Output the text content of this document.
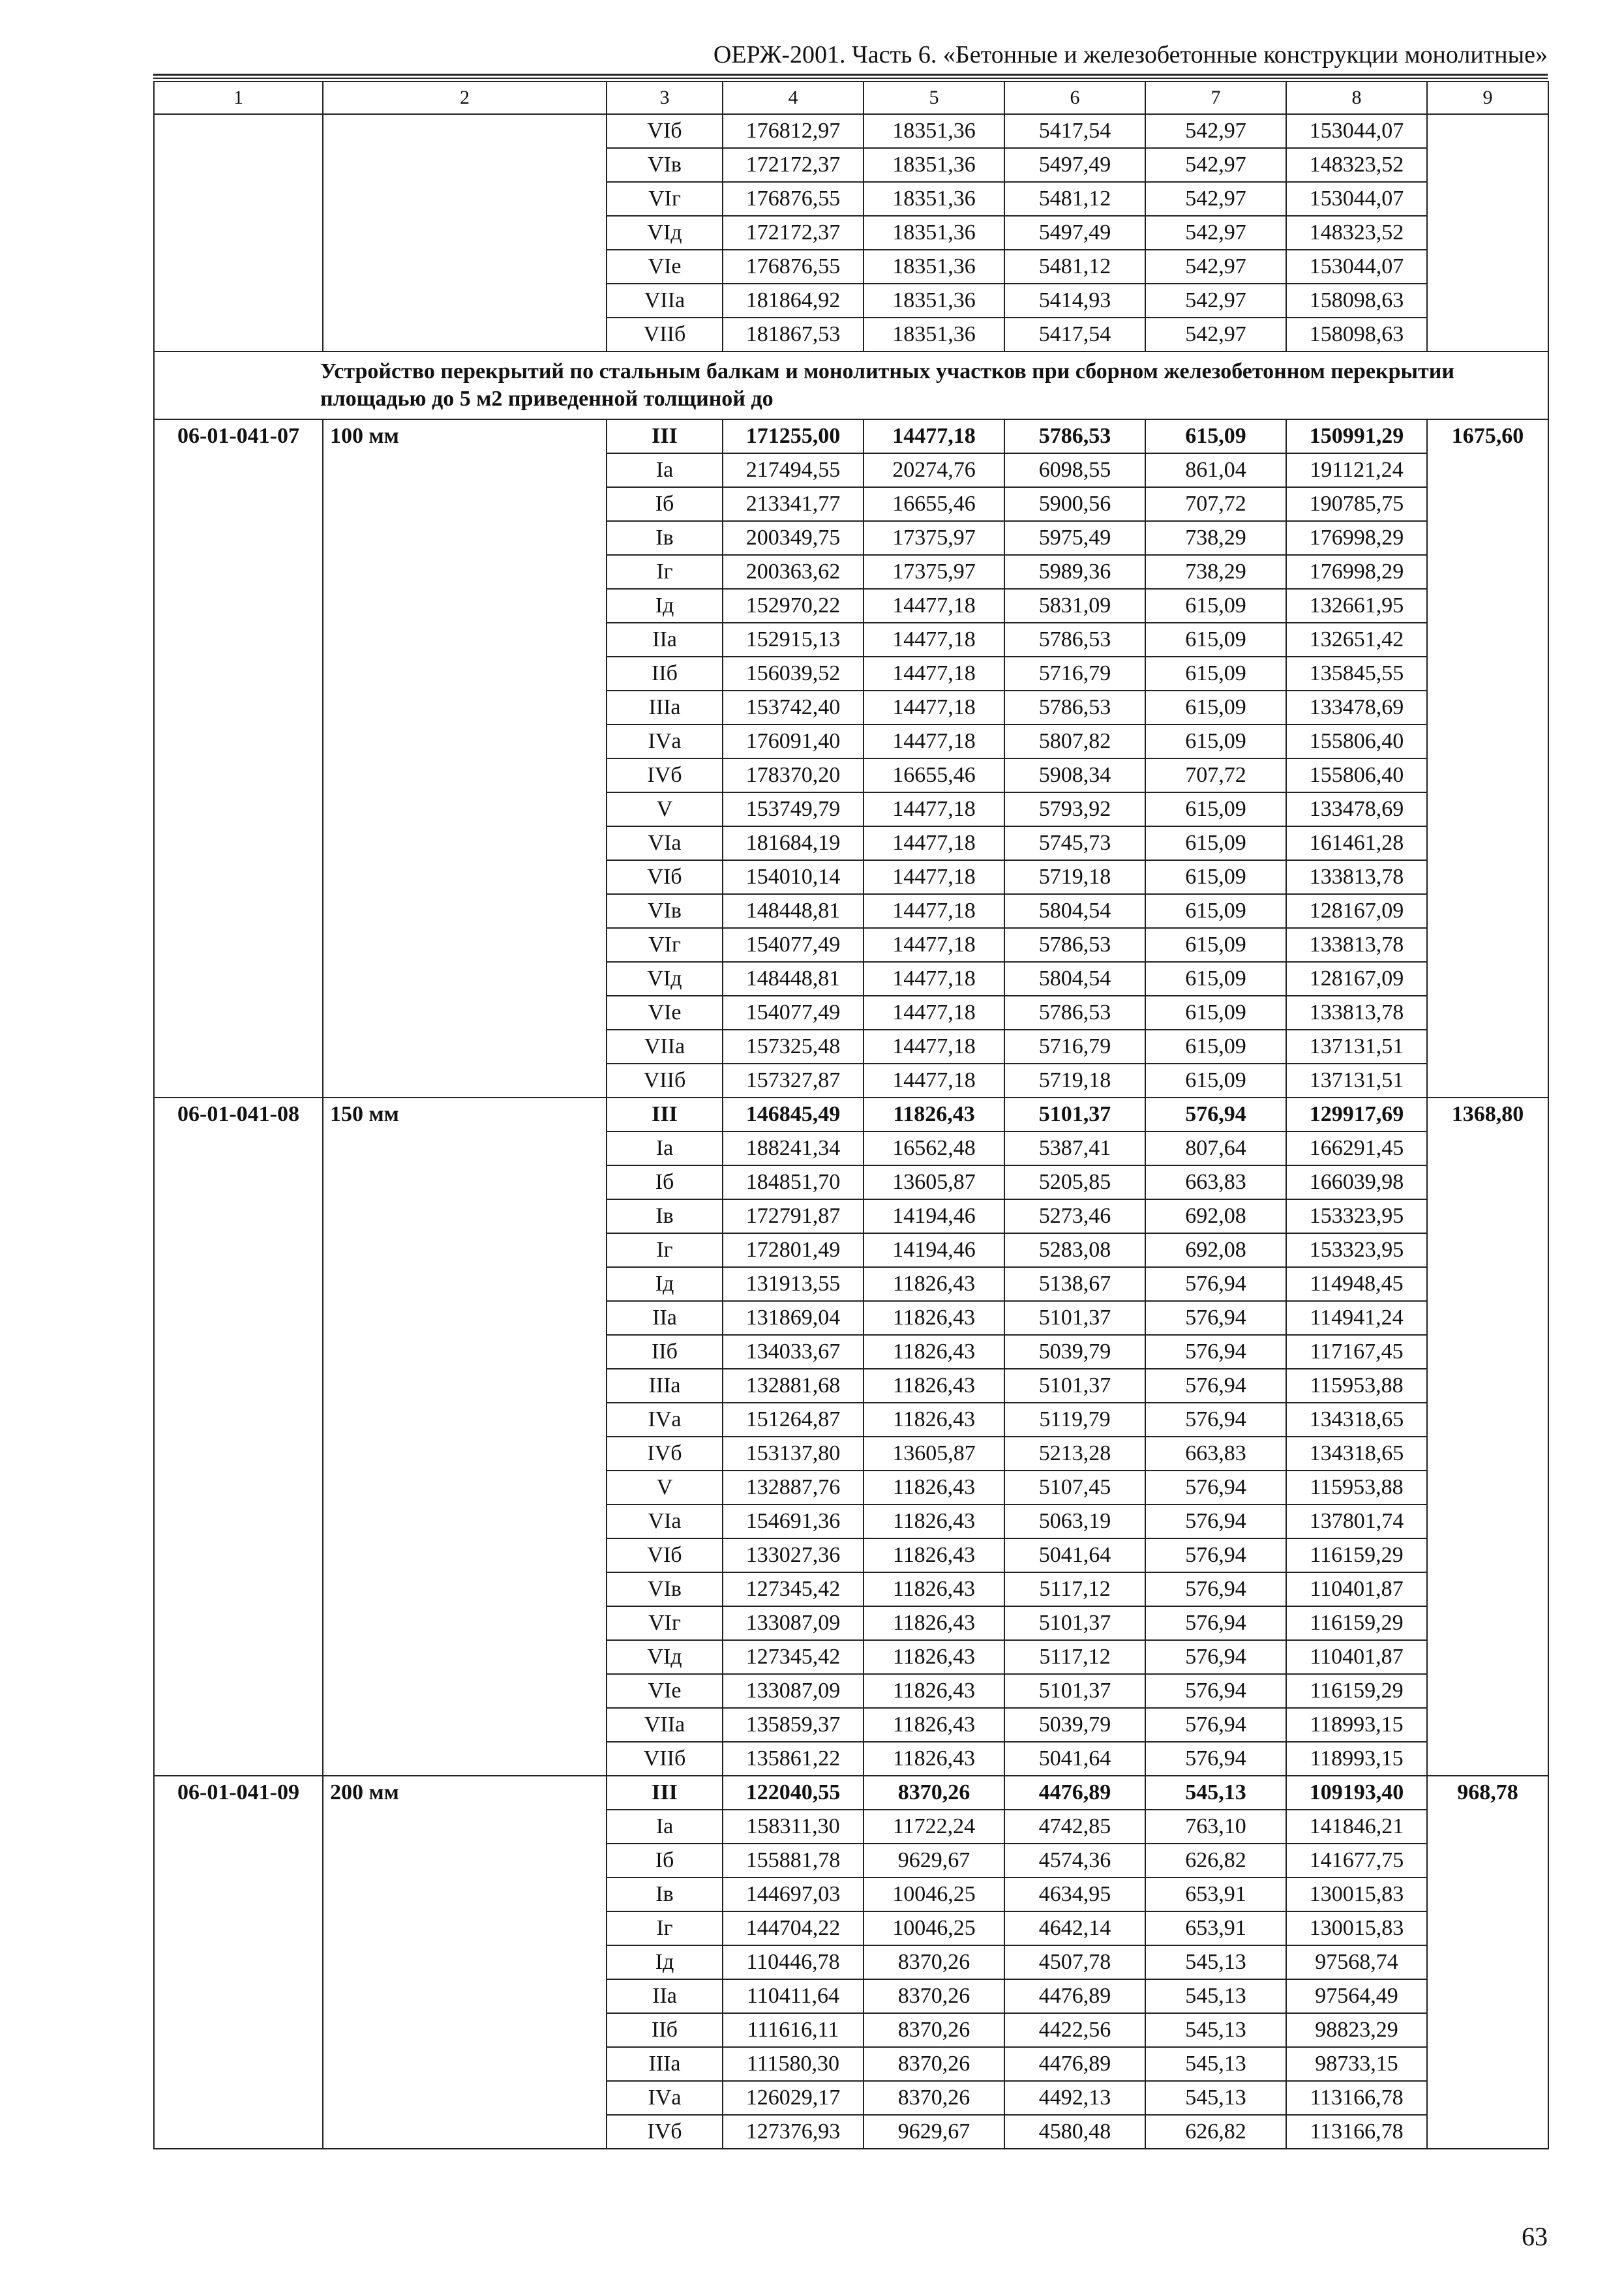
ОЕРЖ-2001. Часть 6. «Бетонные и железобетонные конструкции монолитные»
1	2	3	4	5	6	7	8	9
		VIб	176812,97	18351,36	5417,54	542,97	153044,07	
		VIв	172172,37	18351,36	5497,49	542,97	148323,52	
		VIг	176876,55	18351,36	5481,12	542,97	153044,07	
		VIд	172172,37	18351,36	5497,49	542,97	148323,52	
		VIе	176876,55	18351,36	5481,12	542,97	153044,07	
		VIIа	181864,92	18351,36	5414,93	542,97	158098,63	
		VIIб	181867,53	18351,36	5417,54	542,97	158098,63	
Устройство перекрытий по стальным балкам и монолитных участков при сборном железобетонном перекрытии площадью до 5 м2 приведенной толщиной до								
06-01-041-07	100 мм	III	171255,00	14477,18	5786,53	615,09	150991,29	1675,60
		Iа	217494,55	20274,76	6098,55	861,04	191121,24	
		Iб	213341,77	16655,46	5900,56	707,72	190785,75	
		Iв	200349,75	17375,97	5975,49	738,29	176998,29	
		Iг	200363,62	17375,97	5989,36	738,29	176998,29	
		Iд	152970,22	14477,18	5831,09	615,09	132661,95	
		IIа	152915,13	14477,18	5786,53	615,09	132651,42	
		IIб	156039,52	14477,18	5716,79	615,09	135845,55	
		IIIа	153742,40	14477,18	5786,53	615,09	133478,69	
		IVа	176091,40	14477,18	5807,82	615,09	155806,40	
		IVб	178370,20	16655,46	5908,34	707,72	155806,40	
		V	153749,79	14477,18	5793,92	615,09	133478,69	
		VIа	181684,19	14477,18	5745,73	615,09	161461,28	
		VIб	154010,14	14477,18	5719,18	615,09	133813,78	
		VIв	148448,81	14477,18	5804,54	615,09	128167,09	
		VIг	154077,49	14477,18	5786,53	615,09	133813,78	
		VIд	148448,81	14477,18	5804,54	615,09	128167,09	
		VIе	154077,49	14477,18	5786,53	615,09	133813,78	
		VIIа	157325,48	14477,18	5716,79	615,09	137131,51	
		VIIб	157327,87	14477,18	5719,18	615,09	137131,51	
06-01-041-08	150 мм	III	146845,49	11826,43	5101,37	576,94	129917,69	1368,80
		Iа	188241,34	16562,48	5387,41	807,64	166291,45	
		Iб	184851,70	13605,87	5205,85	663,83	166039,98	
		Iв	172791,87	14194,46	5273,46	692,08	153323,95	
		Iг	172801,49	14194,46	5283,08	692,08	153323,95	
		Iд	131913,55	11826,43	5138,67	576,94	114948,45	
		IIа	131869,04	11826,43	5101,37	576,94	114941,24	
		IIб	134033,67	11826,43	5039,79	576,94	117167,45	
		IIIа	132881,68	11826,43	5101,37	576,94	115953,88	
		IVа	151264,87	11826,43	5119,79	576,94	134318,65	
		IVб	153137,80	13605,87	5213,28	663,83	134318,65	
		V	132887,76	11826,43	5107,45	576,94	115953,88	
		VIа	154691,36	11826,43	5063,19	576,94	137801,74	
		VIб	133027,36	11826,43	5041,64	576,94	116159,29	
		VIв	127345,42	11826,43	5117,12	576,94	110401,87	
		VIг	133087,09	11826,43	5101,37	576,94	116159,29	
		VIд	127345,42	11826,43	5117,12	576,94	110401,87	
		VIе	133087,09	11826,43	5101,37	576,94	116159,29	
		VIIа	135859,37	11826,43	5039,79	576,94	118993,15	
		VIIб	135861,22	11826,43	5041,64	576,94	118993,15	
06-01-041-09	200 мм	III	122040,55	8370,26	4476,89	545,13	109193,40	968,78
		Iа	158311,30	11722,24	4742,85	763,10	141846,21	
		Iб	155881,78	9629,67	4574,36	626,82	141677,75	
		Iв	144697,03	10046,25	4634,95	653,91	130015,83	
		Iг	144704,22	10046,25	4642,14	653,91	130015,83	
		Iд	110446,78	8370,26	4507,78	545,13	97568,74	
		IIа	110411,64	8370,26	4476,89	545,13	97564,49	
		IIб	111616,11	8370,26	4422,56	545,13	98823,29	
		IIIа	111580,30	8370,26	4476,89	545,13	98733,15	
		IVа	126029,17	8370,26	4492,13	545,13	113166,78	
		IVб	127376,93	9629,67	4580,48	626,82	113166,78	
63
